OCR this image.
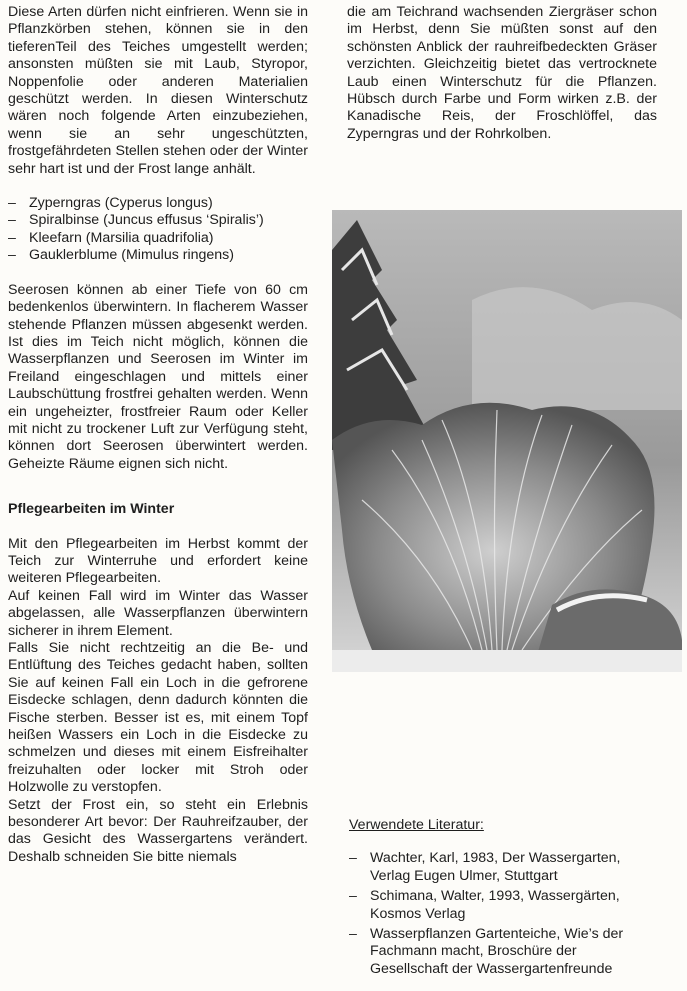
Diese Arten dürfen nicht einfrieren. Wenn sie in Pflanzkörben stehen, können sie in den tieferenTeil des Teiches umgestellt werden; ansonsten müßten sie mit Laub, Styropor, Noppenfolie oder anderen Materialien geschützt werden. In diesen Winterschutz wären noch folgende Arten einzubeziehen, wenn sie an sehr ungeschützten, frostgefährdeten Stellen stehen oder der Winter sehr hart ist und der Frost lange anhält.

– Zyperngras (Cyperus longus)
– Spiralbinse (Juncus effusus ‘Spiralis’)
– Kleefarn (Marsilia quadrifolia)
– Gauklerblume (Mimulus ringens)

Seerosen können ab einer Tiefe von 60 cm bedenkenlos überwintern. In flacherem Wasser stehende Pflanzen müssen abgesenkt werden. Ist dies im Teich nicht möglich, können die Wasserpflanzen und Seerosen im Winter im Freiland eingeschlagen und mittels einer Laubschüttung frostfrei gehalten werden. Wenn ein ungeheizter, frostfreier Raum oder Keller mit nicht zu trockener Luft zur Verfügung steht, können dort Seerosen überwintert werden. Geheizte Räume eignen sich nicht.

Pflegearbeiten im Winter

Mit den Pflegearbeiten im Herbst kommt der Teich zur Winterruhe und erfordert keine weiteren Pflegearbeiten.

Auf keinen Fall wird im Winter das Wasser abgelassen, alle Wasserpflanzen überwintern sicherer in ihrem Element.

Falls Sie nicht rechtzeitig an die Be- und Entlüftung des Teiches gedacht haben, sollten Sie auf keinen Fall ein Loch in die gefrorene Eisdecke schlagen, denn dadurch könnten die Fische sterben. Besser ist es, mit einem Topf heißen Wassers ein Loch in die Eisdecke zu schmelzen und dieses mit einem Eisfreihalter freizuhalten oder locker mit Stroh oder Holzwolle zu verstopfen.

Setzt der Frost ein, so steht ein Erlebnis besonderer Art bevor: Der Rauhreifzauber, der das Gesicht des Wassergartens verändert. Deshalb schneiden Sie bitte niemals

die am Teichrand wachsenden Ziergräser schon im Herbst, denn Sie müßten sonst auf den schönsten Anblick der rauhreifbedeckten Gräser verzichten. Gleichzeitig bietet das vertrocknete Laub einen Winterschutz für die Pflanzen. Hübsch durch Farbe und Form wirken z.B. der Kanadische Reis, der Froschlöffel, das Zyperngras und der Rohrkolben.

Verwendete Literatur:
– Wachter, Karl, 1983, Der Wassergarten, Verlag Eugen Ulmer, Stuttgart
– Schimana, Walter, 1993, Wassergärten, Kosmos Verlag
– Wasserpflanzen Gartenteiche, Wie’s der Fachmann macht, Broschüre der Gesellschaft der Wassergartenfreunde
